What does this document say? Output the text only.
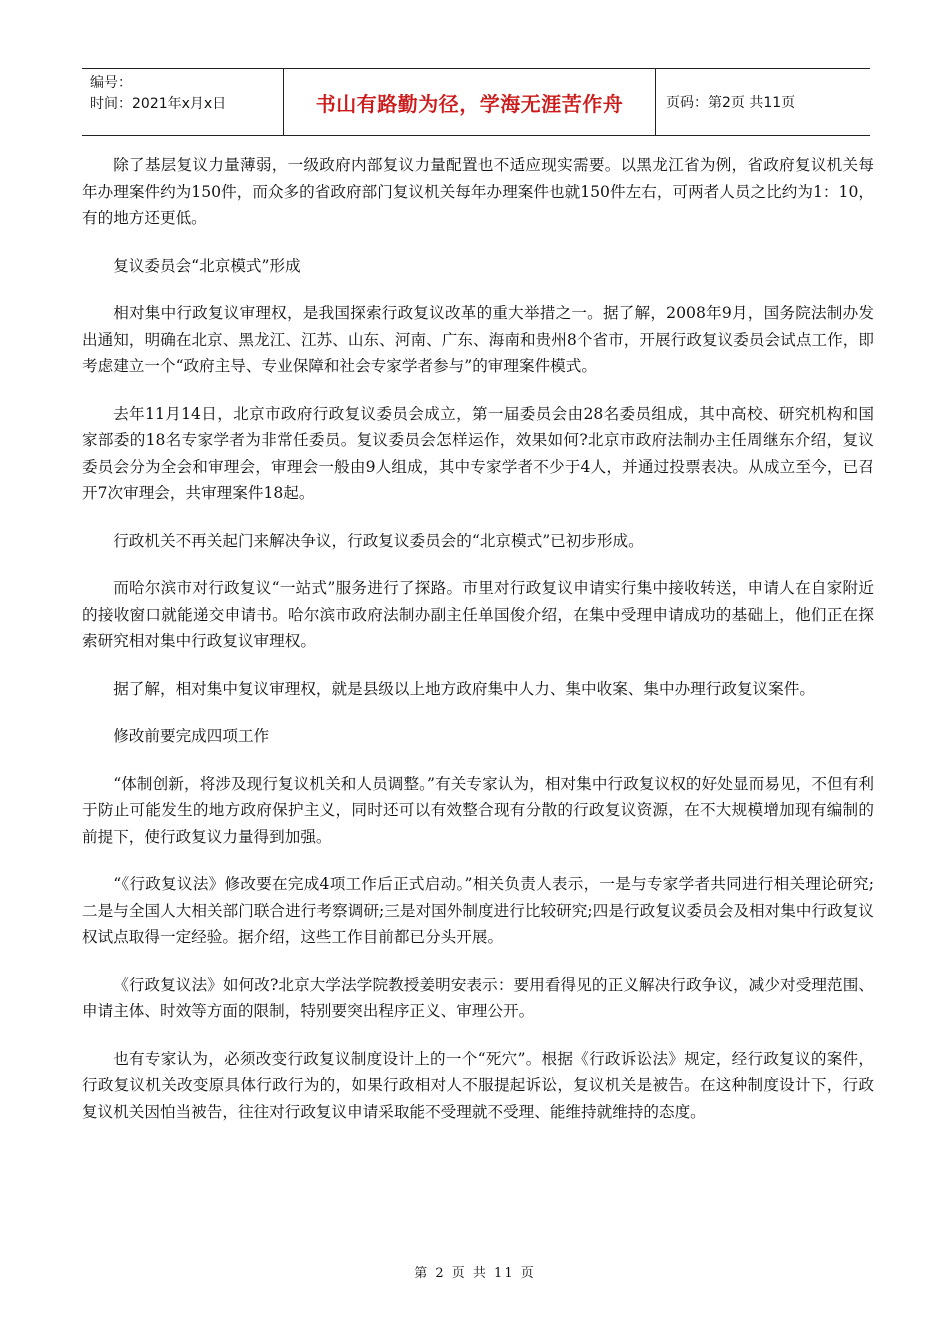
编号：
时间：2021年x月x日	书山有路勤为径，学海无涯苦作舟	页码：第2页 共11页

除了基层复议力量薄弱，一级政府内部复议力量配置也不适应现实需要。以黑龙江省为例，省政府复议机关每年办理案件约为150件，而众多的省政府部门复议机关每年办理案件也就150件左右，可两者人员之比约为1：10，有的地方还更低。

复议委员会“北京模式”形成

相对集中行政复议审理权，是我国探索行政复议改革的重大举措之一。据了解，2008年9月，国务院法制办发出通知，明确在北京、黑龙江、江苏、山东、河南、广东、海南和贵州8个省市，开展行政复议委员会试点工作，即考虑建立一个“政府主导、专业保障和社会专家学者参与”的审理案件模式。

去年11月14日，北京市政府行政复议委员会成立，第一届委员会由28名委员组成，其中高校、研究机构和国家部委的18名专家学者为非常任委员。复议委员会怎样运作，效果如何?北京市政府法制办主任周继东介绍，复议委员会分为全会和审理会，审理会一般由9人组成，其中专家学者不少于4人，并通过投票表决。从成立至今，已召开7次审理会，共审理案件18起。

行政机关不再关起门来解决争议，行政复议委员会的“北京模式”已初步形成。

而哈尔滨市对行政复议“一站式”服务进行了探路。市里对行政复议申请实行集中接收转送，申请人在自家附近的接收窗口就能递交申请书。哈尔滨市政府法制办副主任单国俊介绍，在集中受理申请成功的基础上，他们正在探索研究相对集中行政复议审理权。

据了解，相对集中复议审理权，就是县级以上地方政府集中人力、集中收案、集中办理行政复议案件。

修改前要完成四项工作

“体制创新，将涉及现行复议机关和人员调整。”有关专家认为，相对集中行政复议权的好处显而易见，不但有利于防止可能发生的地方政府保护主义，同时还可以有效整合现有分散的行政复议资源，在不大规模增加现有编制的前提下，使行政复议力量得到加强。

“《行政复议法》修改要在完成4项工作后正式启动。”相关负责人表示，一是与专家学者共同进行相关理论研究;二是与全国人大相关部门联合进行考察调研;三是对国外制度进行比较研究;四是行政复议委员会及相对集中行政复议权试点取得一定经验。据介绍，这些工作目前都已分头开展。

《行政复议法》如何改?北京大学法学院教授姜明安表示：要用看得见的正义解决行政争议，减少对受理范围、申请主体、时效等方面的限制，特别要突出程序正义、审理公开。

也有专家认为，必须改变行政复议制度设计上的一个“死穴”。根据《行政诉讼法》规定，经行政复议的案件，行政复议机关改变原具体行政行为的，如果行政相对人不服提起诉讼，复议机关是被告。在这种制度设计下，行政复议机关因怕当被告，往往对行政复议申请采取能不受理就不受理、能维持就维持的态度。

第 2 页 共 11 页
